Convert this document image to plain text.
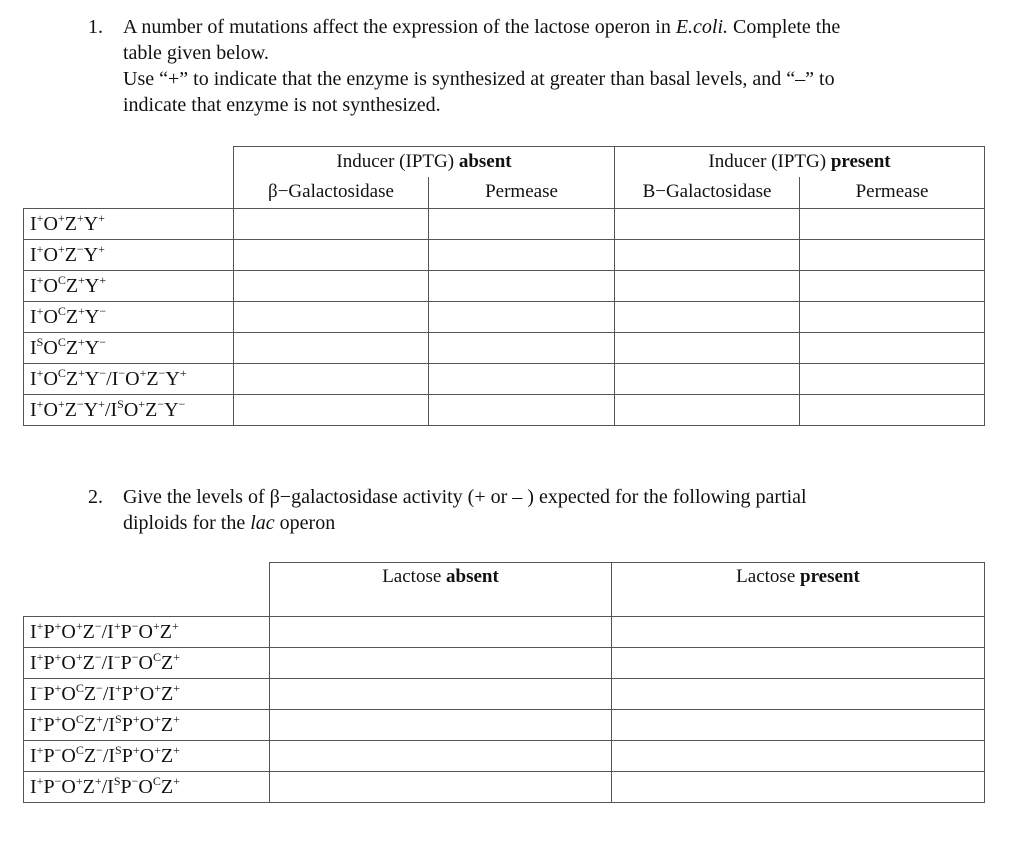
1. A number of mutations affect the expression of the lactose operon in E.coli. Complete the
table given below.
Use “+” to indicate that the enzyme is synthesized at greater than basal levels, and “–” to
indicate that enzyme is not synthesized.
	Inducer (IPTG) absent		Inducer (IPTG) present	
	β−Galactosidase	Permease	B−Galactosidase	Permease
I+O+Z+Y+				
I+O+Z−Y+				
$I^+O^CZ^+Y^+$				
$I^+O^CZ^+Y^-$				
$I^SO^CZ^+Y^-$				
$I^+O^CZ^+Y^-/I^-O^+Z^-Y^+$				
$I^+O^+Z^-Y^+/I^SO^+Z^-Y^-$				
2. Give the levels of β−galactosidase activity (+ or – ) expected for the following partial
diploids for the lac operon
	Lactose absent	Lactose present
I+P+O+Z−/I+P−O+Z+		
$I^+P^+O^+Z^-/I^-P^-O^CZ^+$		
$I^-P^+O^CZ^-/I^+P^+O^+Z^+$		
$I^+P^+O^CZ^+/I^SP^+O^+Z^+$		
$I^+P^-O^CZ^-/I^SP^+O^+Z^+$		
$I^+P^-O^+Z^+/I^SP^-O^CZ^+$		
